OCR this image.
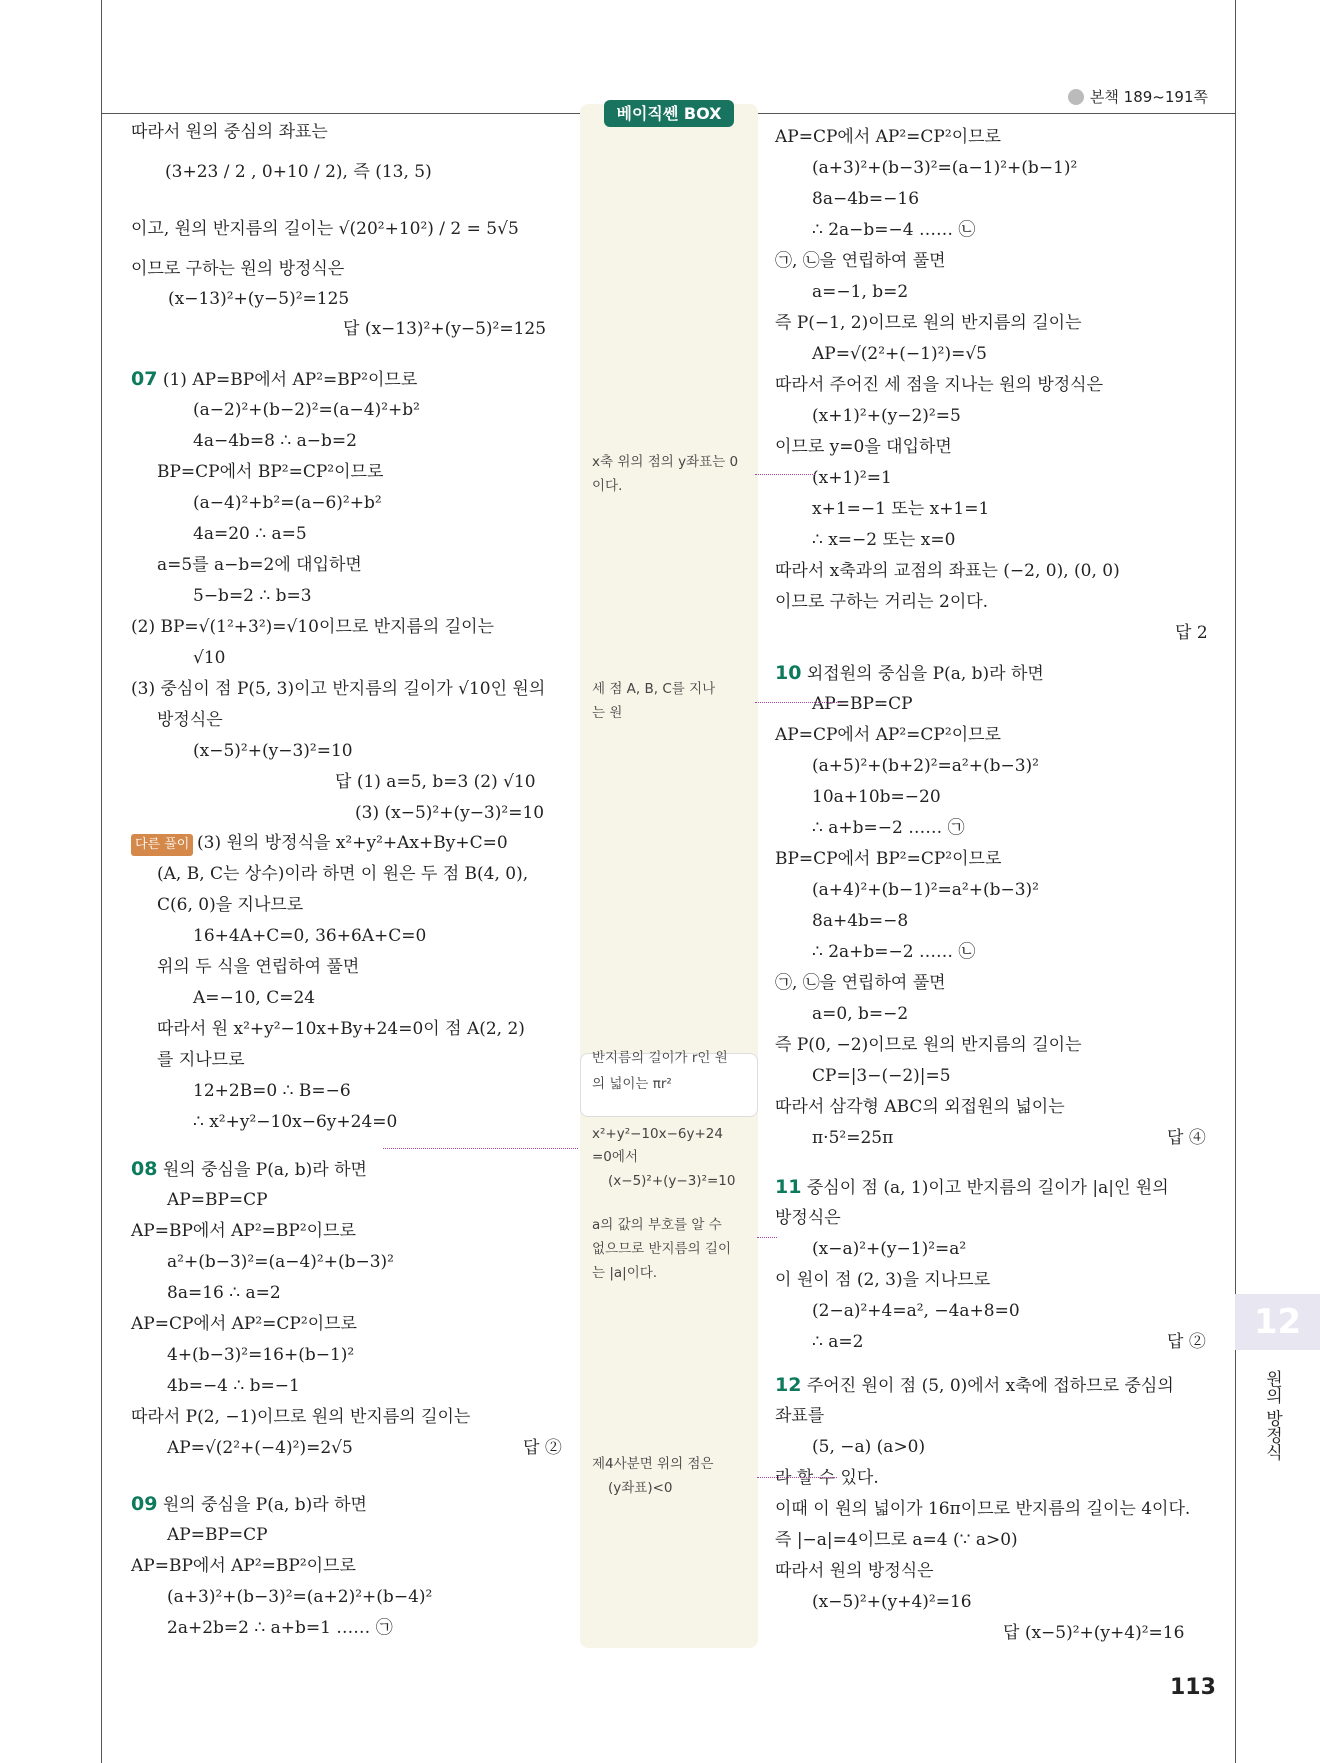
본책 189~191쪽
베이직쎈 BOX
따라서 원의 중심의 좌표는
(3+23 / 2 , 0+10 / 2), 즉 (13, 5)
이고, 원의 반지름의 길이는 √(20²+10²) / 2 = 5√5
이므로 구하는 원의 방정식은
(x−13)²+(y−5)²=125
답 (x−13)²+(y−5)²=125
07 (1) AP=BP에서 AP²=BP²이므로
(a−2)²+(b−2)²=(a−4)²+b²
4a−4b=8 ∴ a−b=2
BP=CP에서 BP²=CP²이므로
(a−4)²+b²=(a−6)²+b²
4a=20 ∴ a=5
a=5를 a−b=2에 대입하면
5−b=2 ∴ b=3
(2) BP=√(1²+3²)=√10이므로 반지름의 길이는
√10
(3) 중심이 점 P(5, 3)이고 반지름의 길이가 √10인 원의
방정식은
(x−5)²+(y−3)²=10
답 (1) a=5, b=3 (2) √10
(3) (x−5)²+(y−3)²=10
다른 풀이 (3) 원의 방정식을 x²+y²+Ax+By+C=0
(A, B, C는 상수)이라 하면 이 원은 두 점 B(4, 0),
C(6, 0)을 지나므로
16+4A+C=0, 36+6A+C=0
위의 두 식을 연립하여 풀면
A=−10, C=24
따라서 원 x²+y²−10x+By+24=0이 점 A(2, 2)
를 지나므로
12+2B=0 ∴ B=−6
∴ x²+y²−10x−6y+24=0
08 원의 중심을 P(a, b)라 하면
AP=BP=CP
AP=BP에서 AP²=BP²이므로
a²+(b−3)²=(a−4)²+(b−3)²
8a=16 ∴ a=2
AP=CP에서 AP²=CP²이므로
4+(b−3)²=16+(b−1)²
4b=−4 ∴ b=−1
따라서 P(2, −1)이므로 원의 반지름의 길이는
AP=√(2²+(−4)²)=2√5	답 ②
09 원의 중심을 P(a, b)라 하면
AP=BP=CP
AP=BP에서 AP²=BP²이므로
(a+3)²+(b−3)²=(a+2)²+(b−4)²
2a+2b=2 ∴ a+b=1 …… ㉠
x축 위의 점의 y좌표는 0
이다.
세 점 A, B, C를 지나
는 원
반지름의 길이가 r인 원
의 넓이는 πr²
x²+y²−10x−6y+24
=0에서
(x−5)²+(y−3)²=10
a의 값의 부호를 알 수
없으므로 반지름의 길이
는 |a|이다.
제4사분면 위의 점은
(y좌표)<0
AP=CP에서 AP²=CP²이므로
(a+3)²+(b−3)²=(a−1)²+(b−1)²
8a−4b=−16
∴ 2a−b=−4 …… ㉡
㉠, ㉡을 연립하여 풀면
a=−1, b=2
즉 P(−1, 2)이므로 원의 반지름의 길이는
AP=√(2²+(−1)²)=√5
따라서 주어진 세 점을 지나는 원의 방정식은
(x+1)²+(y−2)²=5
이므로 y=0을 대입하면
(x+1)²=1
x+1=−1 또는 x+1=1
∴ x=−2 또는 x=0
따라서 x축과의 교점의 좌표는 (−2, 0), (0, 0)
이므로 구하는 거리는 2이다.
답 2
10 외접원의 중심을 P(a, b)라 하면
AP=BP=CP
AP=CP에서 AP²=CP²이므로
(a+5)²+(b+2)²=a²+(b−3)²
10a+10b=−20
∴ a+b=−2 …… ㉠
BP=CP에서 BP²=CP²이므로
(a+4)²+(b−1)²=a²+(b−3)²
8a+4b=−8
∴ 2a+b=−2 …… ㉡
㉠, ㉡을 연립하여 풀면
a=0, b=−2
즉 P(0, −2)이므로 원의 반지름의 길이는
CP=|3−(−2)|=5
따라서 삼각형 ABC의 외접원의 넓이는
π·5²=25π	답 ④
11 중심이 점 (a, 1)이고 반지름의 길이가 |a|인 원의
방정식은
(x−a)²+(y−1)²=a²
이 원이 점 (2, 3)을 지나므로
(2−a)²+4=a², −4a+8=0
∴ a=2	답 ②
12 주어진 원이 점 (5, 0)에서 x축에 접하므로 중심의
좌표를
(5, −a) (a>0)
라 할 수 있다.
이때 이 원의 넓이가 16π이므로 반지름의 길이는 4이다.
즉 |−a|=4이므로 a=4 (∵ a>0)
따라서 원의 방정식은
(x−5)²+(y+4)²=16
답 (x−5)²+(y+4)²=16
12
원의 방정식
113
